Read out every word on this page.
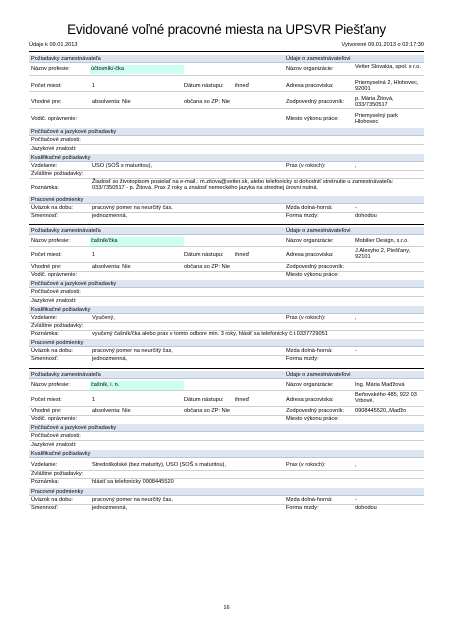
Evidované voľné pracovné miesta na UPSVR Piešťany
Údaje k 09.01.2013	Vytvorené 09.01.2013 o 02:17:30
Požiadavky zamestnávateľa	Údaje o zamestnávateľovi
Názov profesie:	účtovník/-čka	Názov organizácie:	Vetter Slovakia, spol. s r.o.
Počet miest:	1	Dátum nástupu: ihneď	Adresa pracoviska:	Priemyselná 2, Hlohovec, 92001
Vhodné pre:	absolventa: Nie	občana so ZP: Nie	Zodpovedný pracovník: p. Mária Žitová, 033/7350517
Vodič. oprávnenie:	Miesto výkonu práce:	Priemyselný park Hlohovec
Počítačové a jazykové požiadavky
Počítačové znalosti:
Jazykové znalosti:
Kvalifikačné požiadavky
Vzdelanie:	USO (SOŠ s maturitou),	Prax (v rokoch):	,
Zvláštne požiadavky:
Poznámka:
Žiadosť so životopisom posielať na e-mail.: m.zitova@vetter.sk, alebo telefonicky si dohodniť stretnutie u zamestnávateľa: 033/7350517 - p. Žitová. Prax 2 roky a znalosť nemeckého jazyka na strednej úrovni nutná.
Pracovné podmienky
Úväzok na dobu:	pracovný pomer na neurčitý čas,	Mzda dolná-horná:	-
Smennosť:	jednozmenná,	Forma mzdy:	dohodou
Požiadavky zamestnávateľa	Údaje o zamestnávateľovi
Názov profesie:	čašník/čka	Názov organizácie:	Mobilier Design, s.r.o.
Počet miest:	1	Dátum nástupu: ihneď	Adresa pracoviska:
J.Alexyho 2, Piešťany, 92101
Vhodné pre:	absolventa: Nie	občana so ZP: Nie	Zodpovedný pracovník:
Vodič. oprávnenie:	Miesto výkonu práce:
Počítačové a jazykové požiadavky
Počítačové znalosti:
Jazykové znalosti:
Kvalifikačné požiadavky
Vzdelanie:	Vyučený,	Prax (v rokoch):	,
Zvláštne požiadavky:
Poznámka:	vyučený čašník/čka alebo prax v tomto odbore min. 3 roky, hlásiť sa telefonicky č.t.0337729051
Pracovné podmienky
Úväzok na dobu:	pracovný pomer na neurčitý čas,	Mzda dolná-horná:	-
Smennosť:	jednozmenná,	Forma mzdy:
Požiadavky zamestnávateľa	Údaje o zamestnávateľovi
Názov profesie:	čašník, i. n.	Názov organizácie:	Ing. Mária Maďžová
Počet miest:	1	Dátum nástupu: ihneď	Adresa pracoviska:
Beňovského 485, 922 03 Vrbové,
Vhodné pre:	absolventa: Nie	občana so ZP: Nie	Zodpovedný pracovník: 0908445520,,Maďžo
Vodič. oprávnenie:	Miesto výkonu práce:
Počítačové a jazykové požiadavky
Počítačové znalosti:
Jazykové znalosti:
Kvalifikačné požiadavky
Vzdelanie:	Stredoškolské (bez maturity), USO (SOŠ s maturitou),	Prax (v rokoch):	,
Zvláštne požiadavky:
Poznámka:	hlásiť sa telefonicky 0908445520
Pracovné podmienky
Úväzok na dobu:	pracovný pomer na neurčitý čas,	Mzda dolná-horná:	-
Smennosť:	jednozmenná,	Forma mzdy:	dohodou
16
